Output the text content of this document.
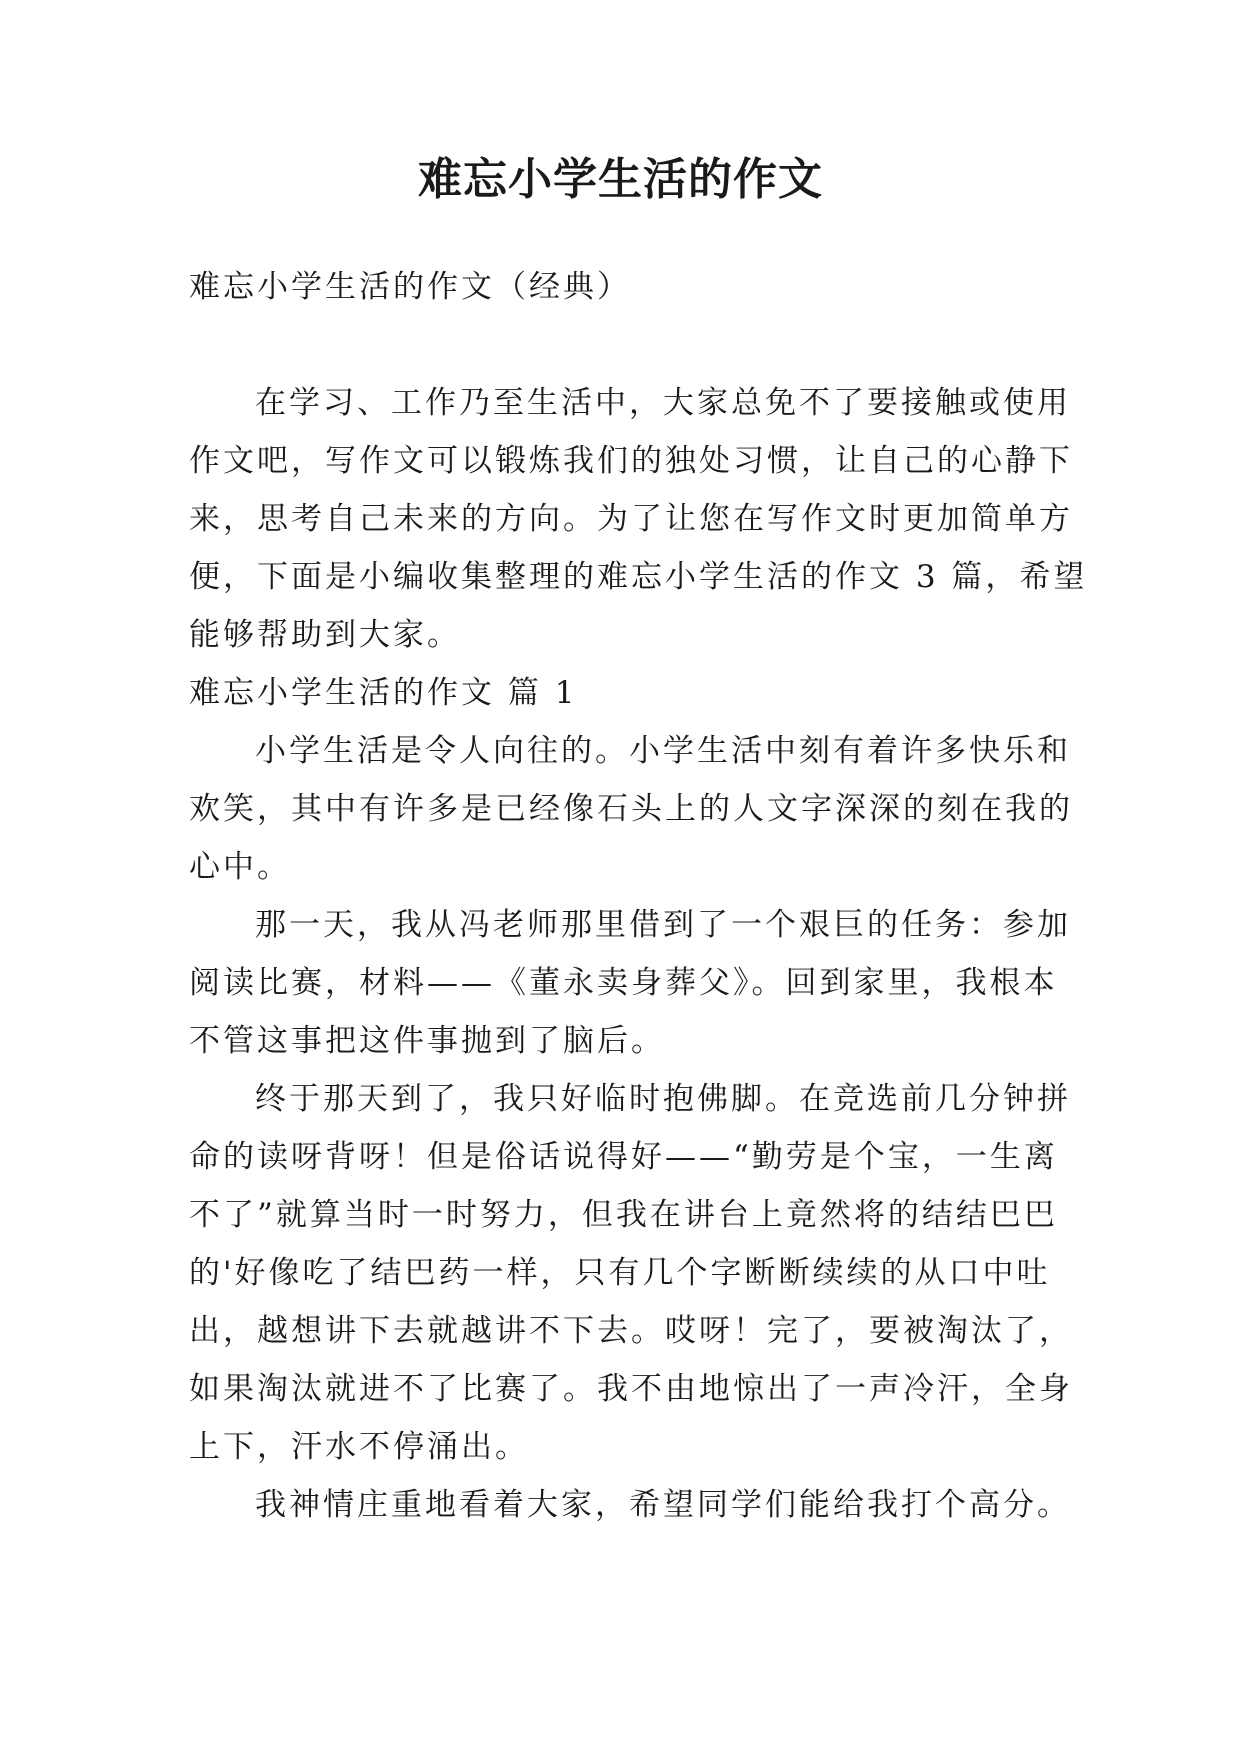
难忘小学生活的作文

难忘小学生活的作文（经典）

在学习、工作乃至生活中，大家总免不了要接触或使用

作文吧，写作文可以锻炼我们的独处习惯，让自己的心静下

来，思考自己未来的方向。为了让您在写作文时更加简单方

便，下面是小编收集整理的难忘小学生活的作文 3 篇，希望

能够帮助到大家。

难忘小学生活的作文 篇 1

小学生活是令人向往的。小学生活中刻有着许多快乐和

欢笑，其中有许多是已经像石头上的人文字深深的刻在我的

心中。

那一天，我从冯老师那里借到了一个艰巨的任务：参加

阅读比赛，材料——《董永卖身葬父》。回到家里，我根本

不管这事把这件事抛到了脑后。

终于那天到了，我只好临时抱佛脚。在竞选前几分钟拼

命的读呀背呀！但是俗话说得好——“勤劳是个宝，一生离

不了”就算当时一时努力，但我在讲台上竟然将的结结巴巴

的'好像吃了结巴药一样，只有几个字断断续续的从口中吐

出，越想讲下去就越讲不下去。哎呀！完了，要被淘汰了，

如果淘汰就进不了比赛了。我不由地惊出了一声冷汗，全身

上下，汗水不停涌出。

我神情庄重地看着大家，希望同学们能给我打个高分。
